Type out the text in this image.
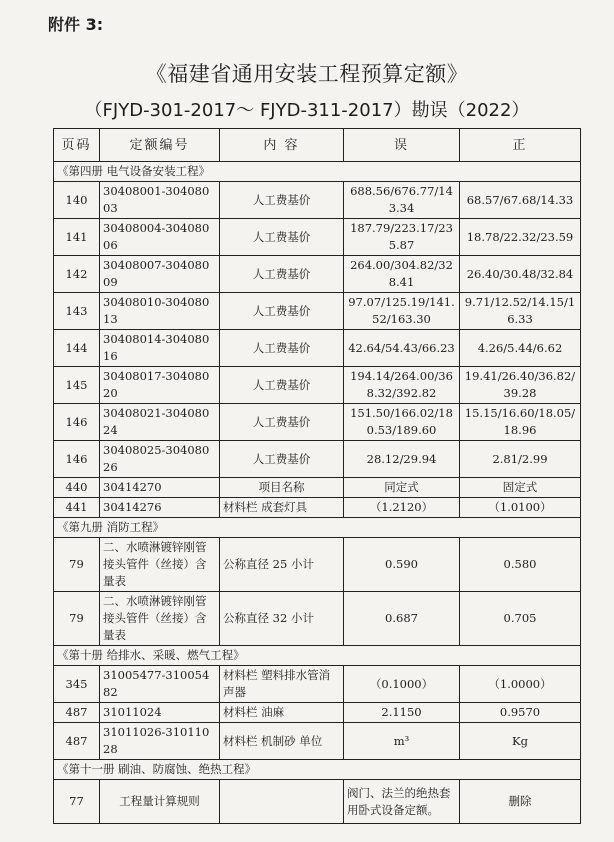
附件 3:
《福建省通用安装工程预算定额》
（FJYD-301-2017～ FJYD-311-2017）勘误（2022）
页码	定额编号	内 容	误	正
《第四册 电气设备安装工程》				
140	30408001-30408003	人工费基价	688.56/676.77/143.34	68.57/67.68/14.33
141	30408004-30408006	人工费基价	187.79/223.17/235.87	18.78/22.32/23.59
142	30408007-30408009	人工费基价	264.00/304.82/328.41	26.40/30.48/32.84
143	30408010-30408013	人工费基价	97.07/125.19/141.52/163.30	9.71/12.52/14.15/16.33
144	30408014-30408016	人工费基价	42.64/54.43/66.23	4.26/5.44/6.62
145	30408017-30408020	人工费基价	194.14/264.00/368.32/392.82	19.41/26.40/36.82/39.28
146	30408021-30408024	人工费基价	151.50/166.02/180.53/189.60	15.15/16.60/18.05/18.96
146	30408025-30408026	人工费基价	28.12/29.94	2.81/2.99
440	30414270	项目名称	同定式	固定式
441	30414276	材料栏 成套灯具	（1.2120）	（1.0100）
《第九册 消防工程》				
79	二、水喷淋镀锌刚管接头管件（丝接）含量表	公称直径 25 小计	0.590	0.580
79	二、水喷淋镀锌刚管接头管件（丝接）含量表	公称直径 32 小计	0.687	0.705
《第十册 给排水、采暖、燃气工程》				
345	31005477-31005482	材料栏 塑料排水管消声器	（0.1000）	（1.0000）
487	31011024	材料栏 油麻	2.1150	0.9570
487	31011026-31011028	材料栏 机制砂 单位	m³	Kg
《第十一册 刷油、防腐蚀、绝热工程》				
77	工程量计算规则		阀门、法兰的绝热套用卧式设备定额。	删除
